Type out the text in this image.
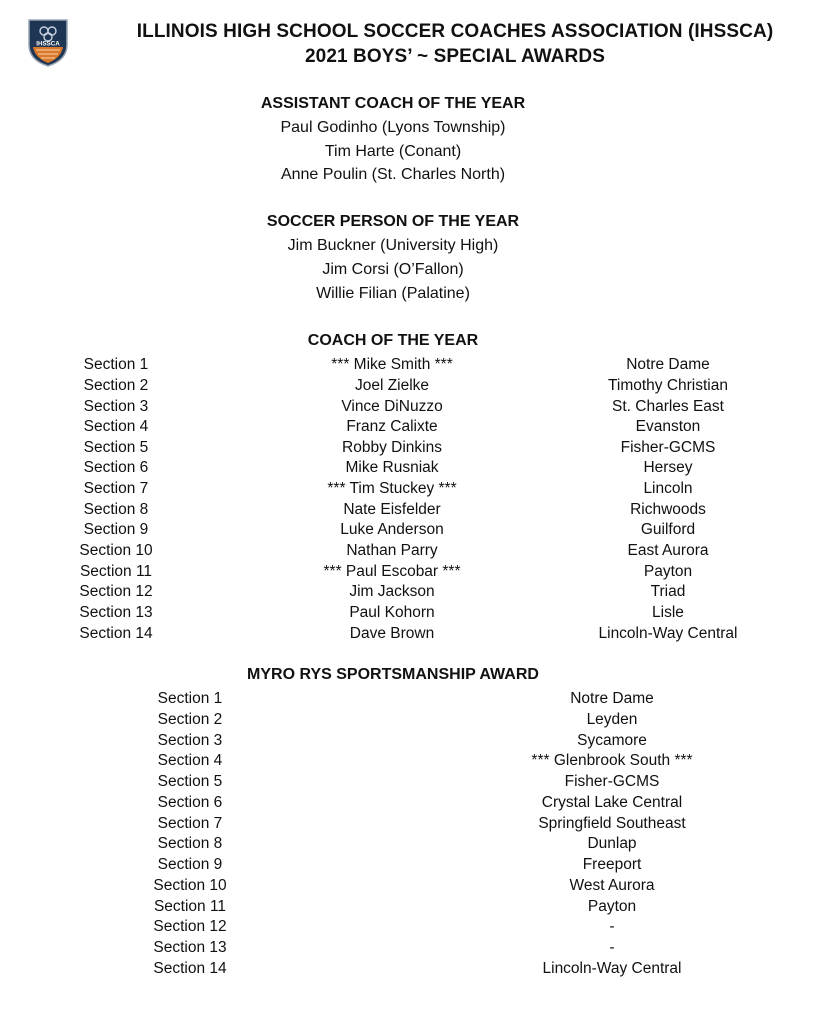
IHSSCA
ILLINOIS HIGH SCHOOL SOCCER COACHES ASSOCIATION (IHSSCA)
2021 BOYS’ ~ SPECIAL AWARDS
ASSISTANT COACH OF THE YEAR
Paul Godinho (Lyons Township)
Tim Harte (Conant)
Anne Poulin (St. Charles North)
SOCCER PERSON OF THE YEAR
Jim Buckner (University High)
Jim Corsi (O’Fallon)
Willie Filian (Palatine)
COACH OF THE YEAR
Section 1	*** Mike Smith ***	Notre Dame
Section 2	Joel Zielke	Timothy Christian
Section 3	Vince DiNuzzo	St. Charles East
Section 4	Franz Calixte	Evanston
Section 5	Robby Dinkins	Fisher-GCMS
Section 6	Mike Rusniak	Hersey
Section 7	*** Tim Stuckey ***	Lincoln
Section 8	Nate Eisfelder	Richwoods
Section 9	Luke Anderson	Guilford
Section 10	Nathan Parry	East Aurora
Section 11	*** Paul Escobar ***	Payton
Section 12	Jim Jackson	Triad
Section 13	Paul Kohorn	Lisle
Section 14	Dave Brown	Lincoln-Way Central
MYRO RYS SPORTSMANSHIP AWARD
Section 1	Notre Dame
Section 2	Leyden
Section 3	Sycamore
Section 4	*** Glenbrook South ***
Section 5	Fisher-GCMS
Section 6	Crystal Lake Central
Section 7	Springfield Southeast
Section 8	Dunlap
Section 9	Freeport
Section 10	West Aurora
Section 11	Payton
Section 12	-
Section 13	-
Section 14	Lincoln-Way Central
